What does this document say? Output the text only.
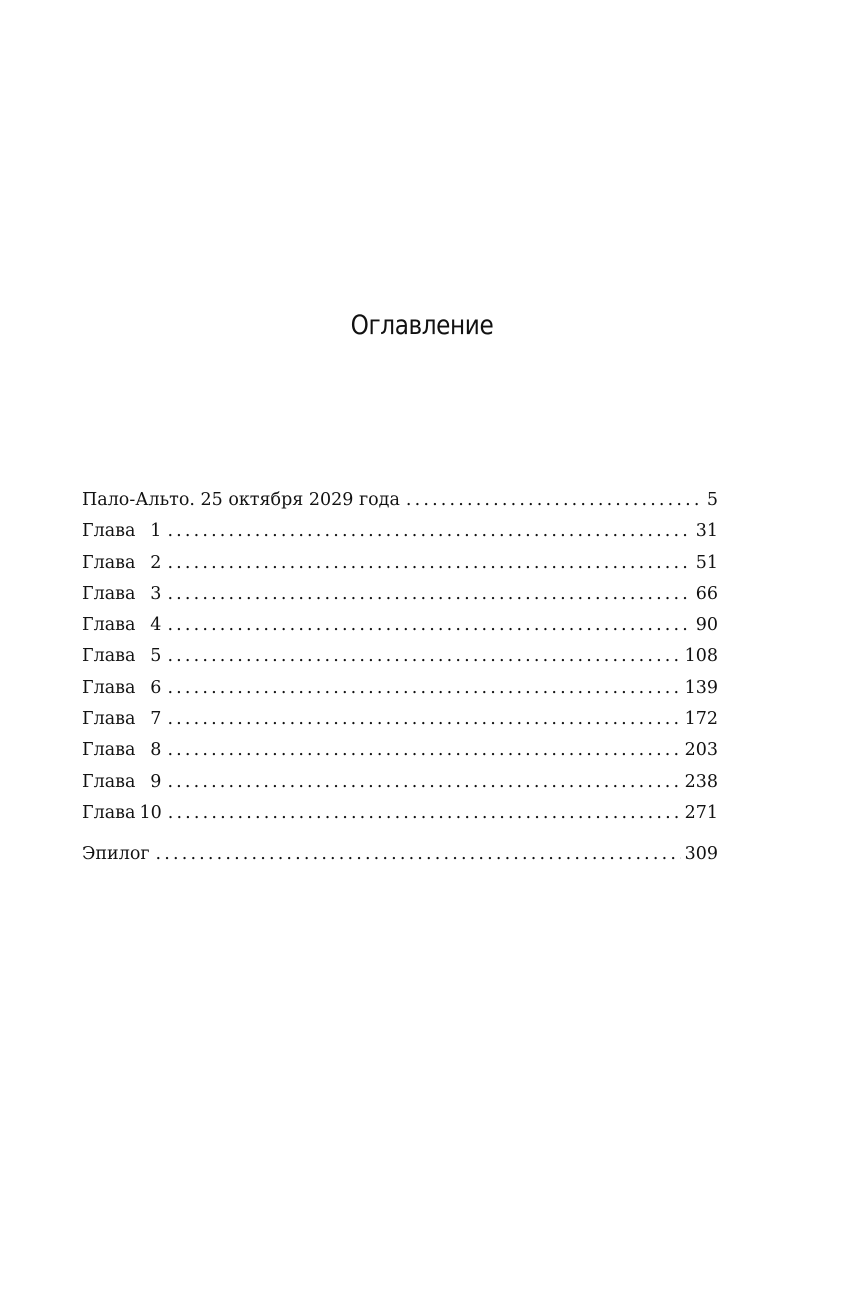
Оглавление
Пало-Альто. 25 октября 2029 года . . .	5
Глава 1 . . .	31
Глава 2 . . .	51
Глава 3 . . .	66
Глава 4 . . .	90
Глава 5 . . .	108
Глава 6 . . .	139
Глава 7 . . .	172
Глава 8 . . .	203
Глава 9 . . .	238
Глава 10 . . .	271
Эпилог . . .	309
